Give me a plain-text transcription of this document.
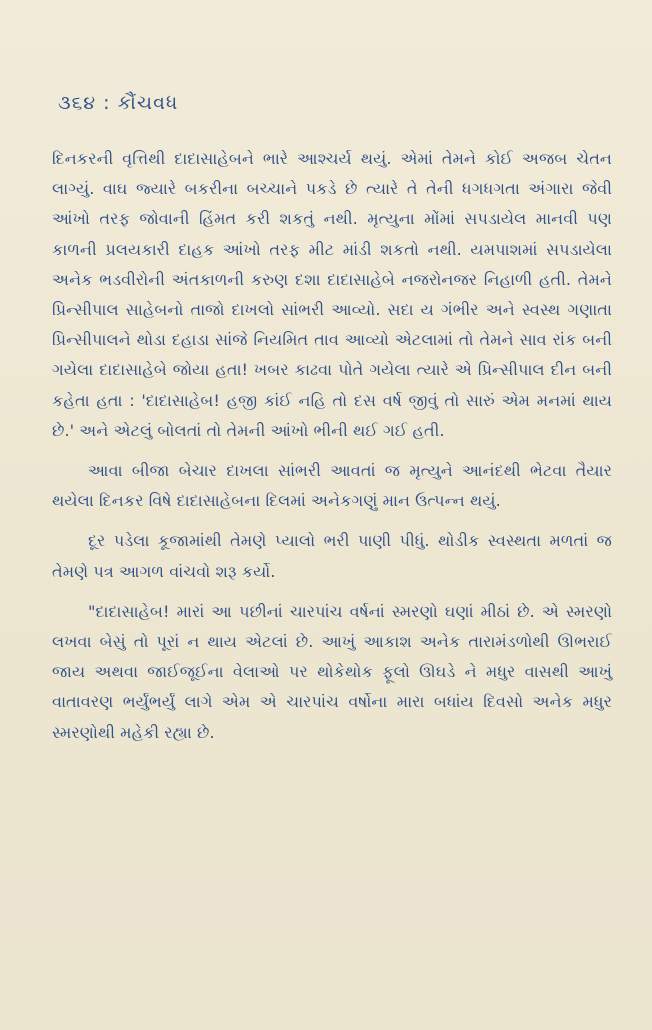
૩૬૪ : કૌંચવધ

દિનકરની વૃત્તિથી દાદાસાહેબને ભારે આશ્ચર્ય થયું. એમાં તેમને કોઈ અજબ ચેતન લાગ્યું. વાઘ જ્યારે બકરીના બચ્ચાને પકડે છે ત્યારે તે તેની ધગધગતા અંગારા જેવી આંખો તરફ જોવાની હિંમત કરી શકતું નથી. મૃત્યુના મોંમાં સપડાયેલ માનવી પણ કાળની પ્રલયકારી દાહક આંખો તરફ મીટ માંડી શકતો નથી. યમપાશમાં સપડાયેલા અનેક ભડવીરોની અંતકાળની કરુણ દશા દાદાસાહેબે નજરોનજર નિહાળી હતી. તેમને પ્રિન્સીપાલ સાહેબનો તાજો દાખલો સાંભરી આવ્યો. સદા ય ગંભીર અને સ્વસ્થ ગણાતા પ્રિન્સીપાલને થોડા દહાડા સાંજે નિયમિત તાવ આવ્યો એટલામાં તો તેમને સાવ રાંક બની ગયેલા દાદાસાહેબે જોયા હતા! ખબર કાઢવા પોતે ગયેલા ત્યારે એ પ્રિન્સીપાલ દીન બની કહેતા હતા : 'દાદાસાહેબ! હજી કાંઈ નહિ તો દસ વર્ષ જીવું તો સારું એમ મનમાં થાય છે.' અને એટલું બોલતાં તો તેમની આંખો ભીની થઈ ગઈ હતી.

આવા બીજા બેચાર દાખલા સાંભરી આવતાં જ મૃત્યુને આનંદથી ભેટવા તૈયાર થયેલા દિનકર વિષે દાદાસાહેબના દિલમાં અનેકગણું માન ઉત્પન્ન થયું.

દૂર પડેલા કૂજામાંથી તેમણે પ્યાલો ભરી પાણી પીધું. થોડીક સ્વસ્થતા મળતાં જ તેમણે પત્ર આગળ વાંચવો શરૂ કર્યો.

"દાદાસાહેબ! મારાં આ પછીનાં ચારપાંચ વર્ષનાં સ્મરણો ઘણાં મીઠાં છે. એ સ્મરણો લખવા બેસું તો પૂરાં ન થાય એટલાં છે. આખું આકાશ અનેક તારામંડળોથી ઊભરાઈ જાય અથવા જાઈજૂઈના વેલાઓ પર થોકેથોક ફૂલો ઊઘડે ને મધુર વાસથી આખું વાતાવરણ ભર્યુંભર્યું લાગે એમ એ ચારપાંચ વર્ષોના મારા બધાંય દિવસો અનેક મધુર સ્મરણોથી મહેકી રહ્યા છે.
